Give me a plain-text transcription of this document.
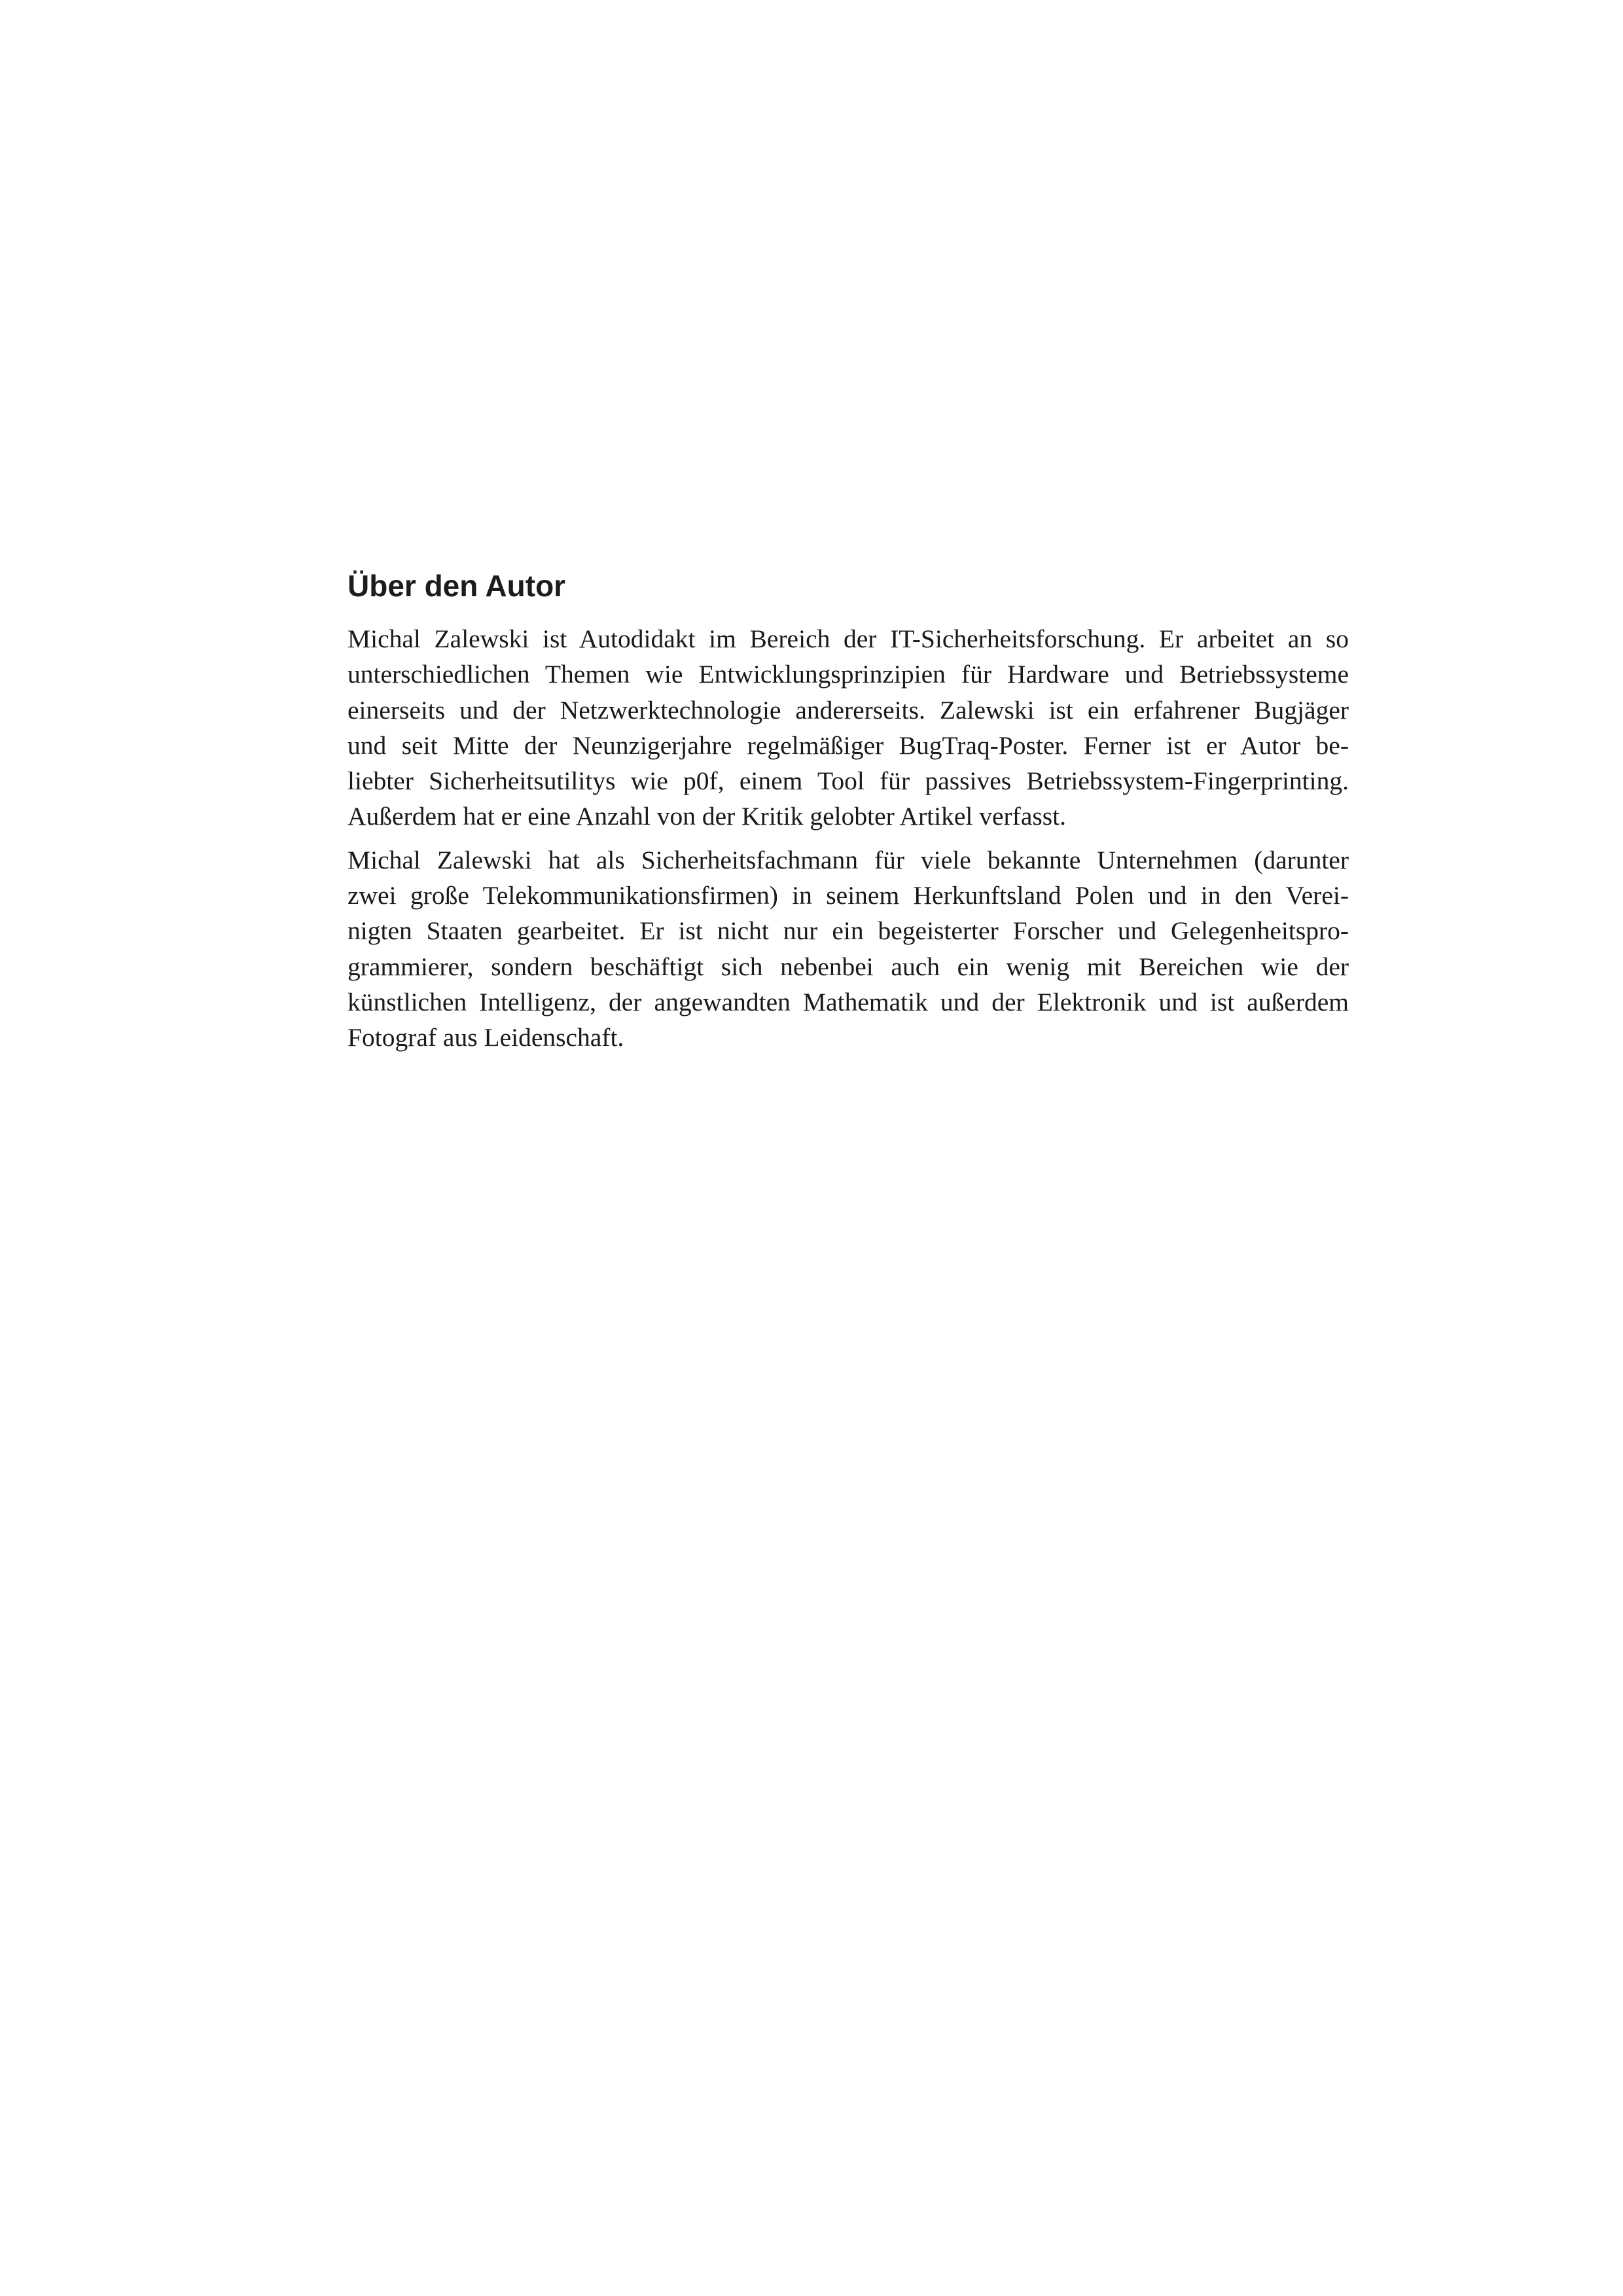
Über den Autor

Michal Zalewski ist Autodidakt im Bereich der IT-Sicherheitsforschung. Er arbeitet an so
unterschiedlichen Themen wie Entwicklungsprinzipien für Hardware und Betriebssysteme
einerseits und der Netzwerktechnologie andererseits. Zalewski ist ein erfahrener Bugjäger
und seit Mitte der Neunzigerjahre regelmäßiger BugTraq-Poster. Ferner ist er Autor be-
liebter Sicherheitsutilitys wie p0f, einem Tool für passives Betriebssystem-Fingerprinting.
Außerdem hat er eine Anzahl von der Kritik gelobter Artikel verfasst.

Michal Zalewski hat als Sicherheitsfachmann für viele bekannte Unternehmen (darunter
zwei große Telekommunikationsfirmen) in seinem Herkunftsland Polen und in den Verei-
nigten Staaten gearbeitet. Er ist nicht nur ein begeisterter Forscher und Gelegenheitspro-
grammierer, sondern beschäftigt sich nebenbei auch ein wenig mit Bereichen wie der
künstlichen Intelligenz, der angewandten Mathematik und der Elektronik und ist außerdem
Fotograf aus Leidenschaft.
